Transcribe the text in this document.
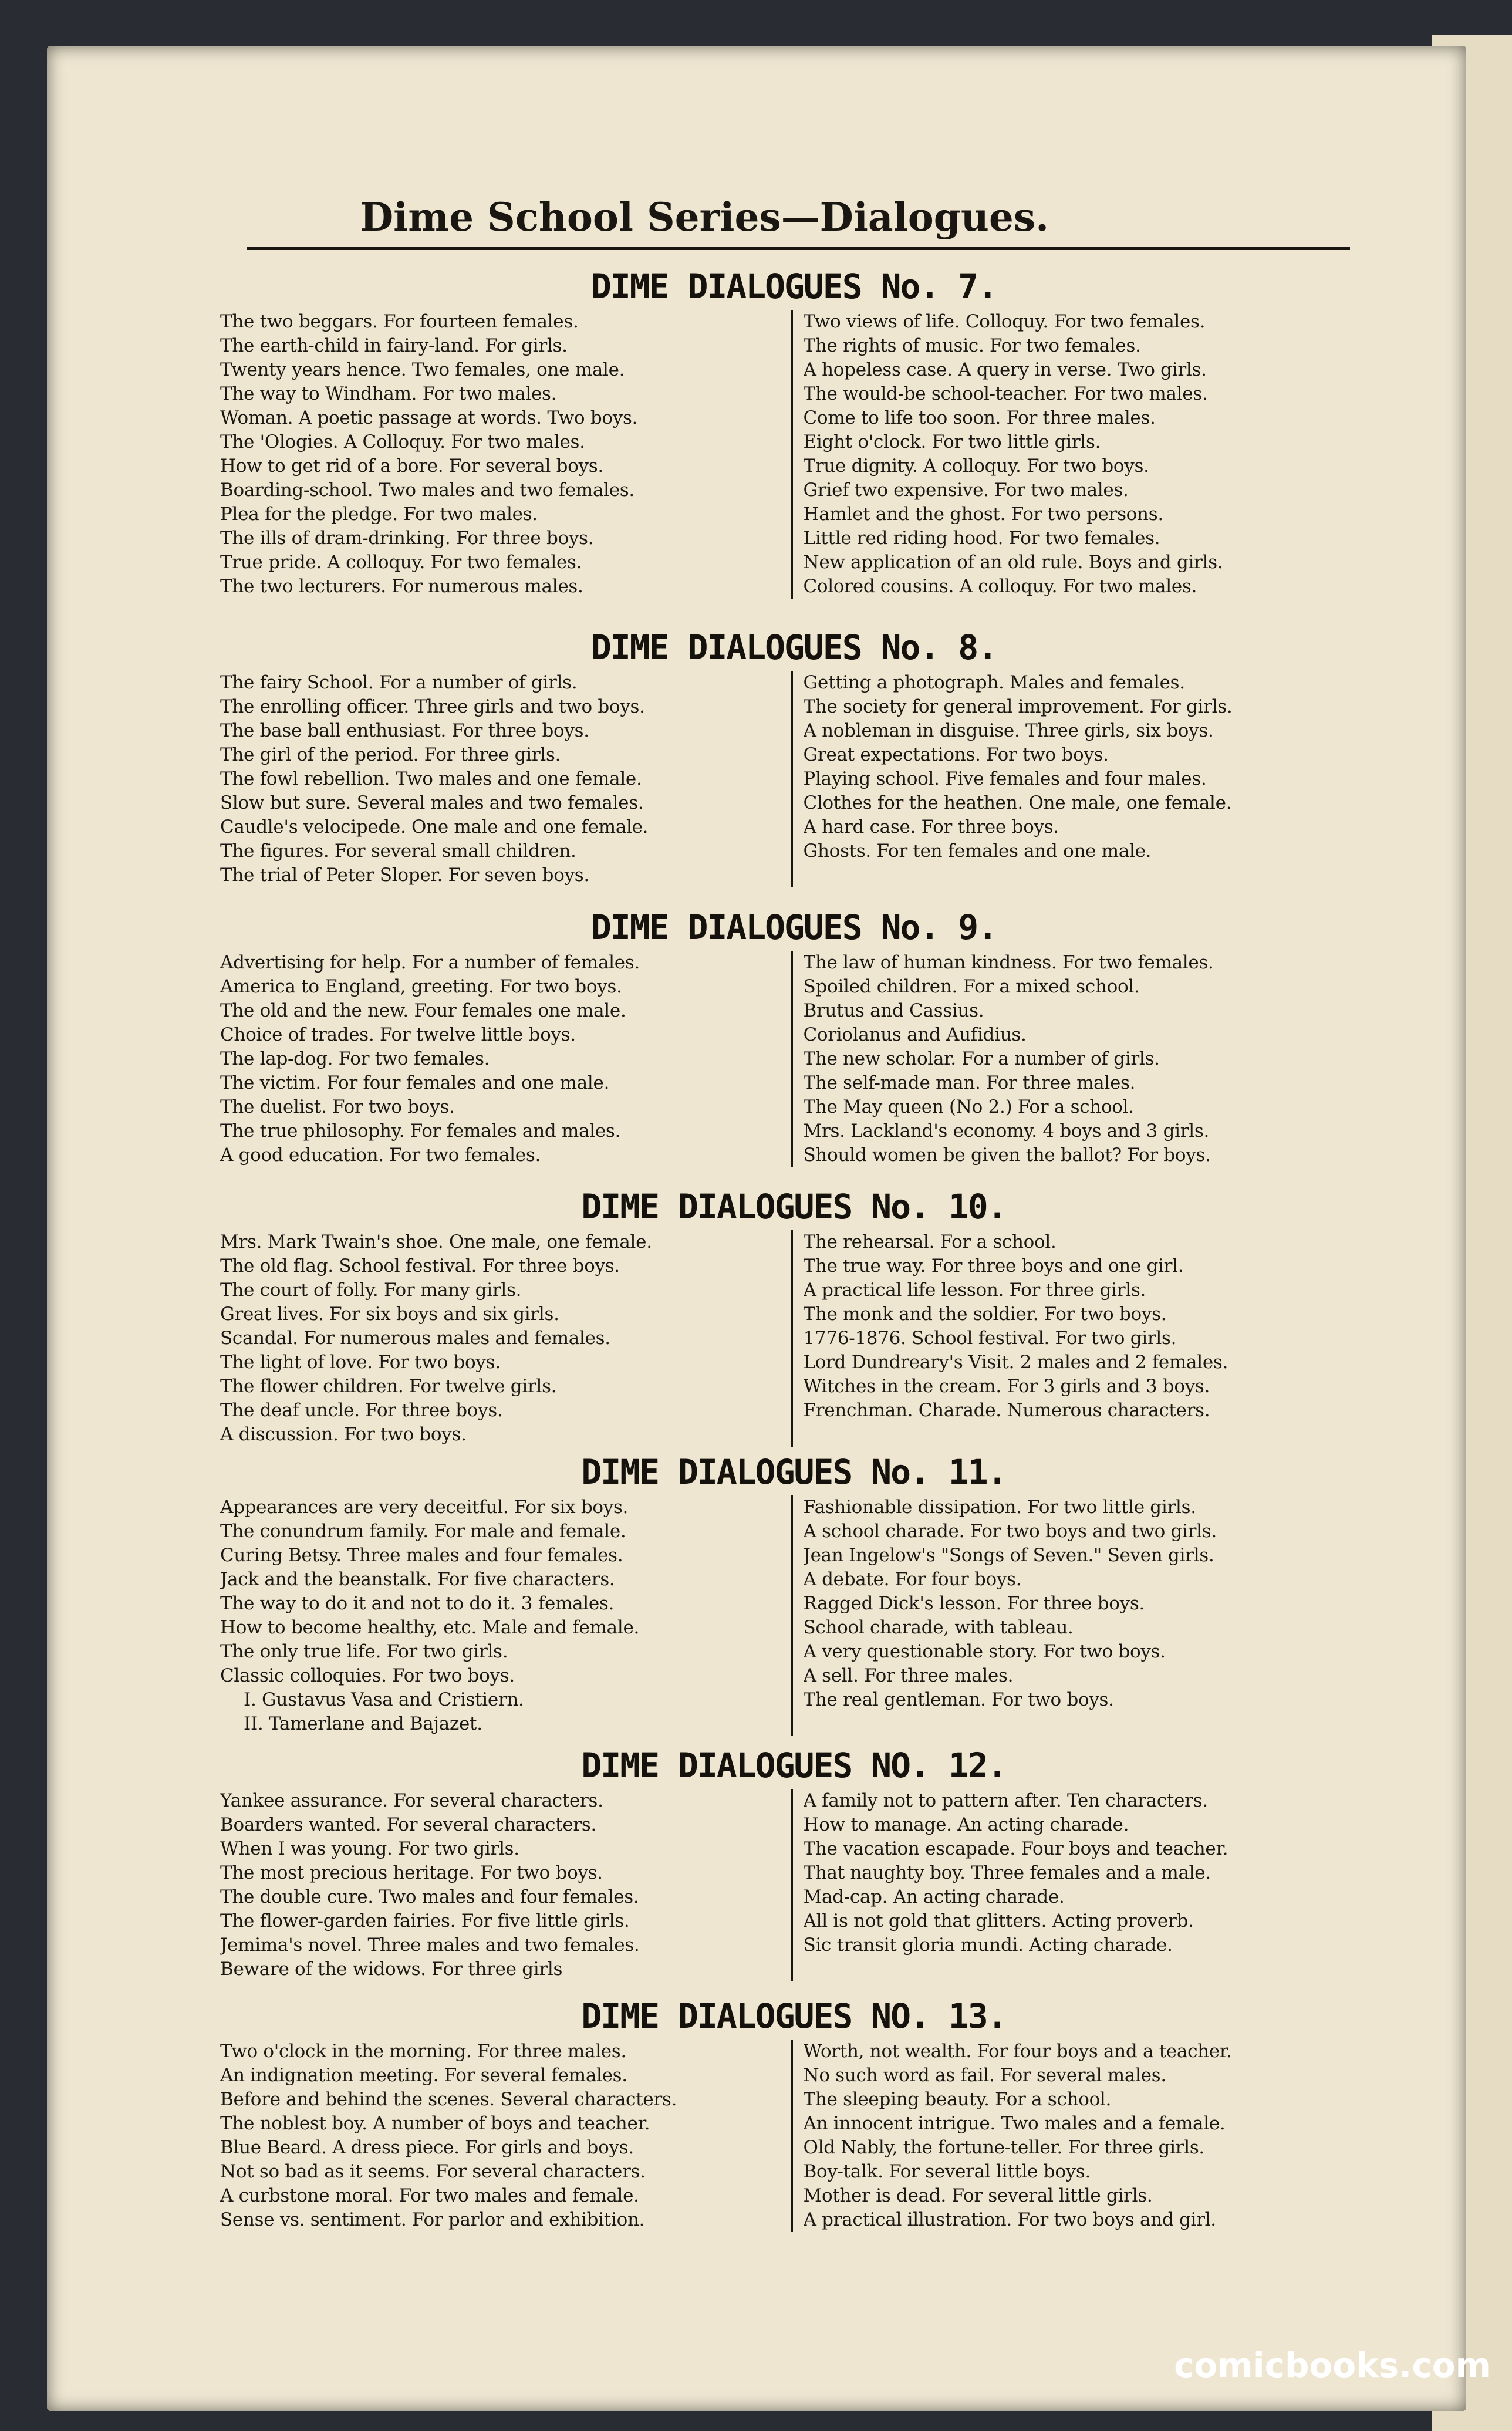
Dime School Series—Dialogues.
DIME DIALOGUES No. 7.
The two beggars. For fourteen females.
The earth-child in fairy-land. For girls.
Twenty years hence. Two females, one male.
The way to Windham. For two males.
Woman. A poetic passage at words. Two boys.
The 'Ologies. A Colloquy. For two males.
How to get rid of a bore. For several boys.
Boarding-school. Two males and two females.
Plea for the pledge. For two males.
The ills of dram-drinking. For three boys.
True pride. A colloquy. For two females.
The two lecturers. For numerous males.
Two views of life. Colloquy. For two females.
The rights of music. For two females.
A hopeless case. A query in verse. Two girls.
The would-be school-teacher. For two males.
Come to life too soon. For three males.
Eight o'clock. For two little girls.
True dignity. A colloquy. For two boys.
Grief two expensive. For two males.
Hamlet and the ghost. For two persons.
Little red riding hood. For two females.
New application of an old rule. Boys and girls.
Colored cousins. A colloquy. For two males.
DIME DIALOGUES No. 8.
The fairy School. For a number of girls.
The enrolling officer. Three girls and two boys.
The base ball enthusiast. For three boys.
The girl of the period. For three girls.
The fowl rebellion. Two males and one female.
Slow but sure. Several males and two females.
Caudle's velocipede. One male and one female.
The figures. For several small children.
The trial of Peter Sloper. For seven boys.
Getting a photograph. Males and females.
The society for general improvement. For girls.
A nobleman in disguise. Three girls, six boys.
Great expectations. For two boys.
Playing school. Five females and four males.
Clothes for the heathen. One male, one female.
A hard case. For three boys.
Ghosts. For ten females and one male.
DIME DIALOGUES No. 9.
Advertising for help. For a number of females.
America to England, greeting. For two boys.
The old and the new. Four females one male.
Choice of trades. For twelve little boys.
The lap-dog. For two females.
The victim. For four females and one male.
The duelist. For two boys.
The true philosophy. For females and males.
A good education. For two females.
The law of human kindness. For two females.
Spoiled children. For a mixed school.
Brutus and Cassius.
Coriolanus and Aufidius.
The new scholar. For a number of girls.
The self-made man. For three males.
The May queen (No 2.) For a school.
Mrs. Lackland's economy. 4 boys and 3 girls.
Should women be given the ballot? For boys.
DIME DIALOGUES No. 10.
Mrs. Mark Twain's shoe. One male, one female.
The old flag. School festival. For three boys.
The court of folly. For many girls.
Great lives. For six boys and six girls.
Scandal. For numerous males and females.
The light of love. For two boys.
The flower children. For twelve girls.
The deaf uncle. For three boys.
A discussion. For two boys.
The rehearsal. For a school.
The true way. For three boys and one girl.
A practical life lesson. For three girls.
The monk and the soldier. For two boys.
1776-1876. School festival. For two girls.
Lord Dundreary's Visit. 2 males and 2 females.
Witches in the cream. For 3 girls and 3 boys.
Frenchman. Charade. Numerous characters.
DIME DIALOGUES No. 11.
Appearances are very deceitful. For six boys.
The conundrum family. For male and female.
Curing Betsy. Three males and four females.
Jack and the beanstalk. For five characters.
The way to do it and not to do it. 3 females.
How to become healthy, etc. Male and female.
The only true life. For two girls.
Classic colloquies. For two boys.
I. Gustavus Vasa and Cristiern.
II. Tamerlane and Bajazet.
Fashionable dissipation. For two little girls.
A school charade. For two boys and two girls.
Jean Ingelow's "Songs of Seven." Seven girls.
A debate. For four boys.
Ragged Dick's lesson. For three boys.
School charade, with tableau.
A very questionable story. For two boys.
A sell. For three males.
The real gentleman. For two boys.
DIME DIALOGUES NO. 12.
Yankee assurance. For several characters.
Boarders wanted. For several characters.
When I was young. For two girls.
The most precious heritage. For two boys.
The double cure. Two males and four females.
The flower-garden fairies. For five little girls.
Jemima's novel. Three males and two females.
Beware of the widows. For three girls
A family not to pattern after. Ten characters.
How to manage. An acting charade.
The vacation escapade. Four boys and teacher.
That naughty boy. Three females and a male.
Mad-cap. An acting charade.
All is not gold that glitters. Acting proverb.
Sic transit gloria mundi. Acting charade.
DIME DIALOGUES NO. 13.
Two o'clock in the morning. For three males.
An indignation meeting. For several females.
Before and behind the scenes. Several characters.
The noblest boy. A number of boys and teacher.
Blue Beard. A dress piece. For girls and boys.
Not so bad as it seems. For several characters.
A curbstone moral. For two males and female.
Sense vs. sentiment. For parlor and exhibition.
Worth, not wealth. For four boys and a teacher.
No such word as fail. For several males.
The sleeping beauty. For a school.
An innocent intrigue. Two males and a female.
Old Nably, the fortune-teller. For three girls.
Boy-talk. For several little boys.
Mother is dead. For several little girls.
A practical illustration. For two boys and girl.
comicbooks.com
